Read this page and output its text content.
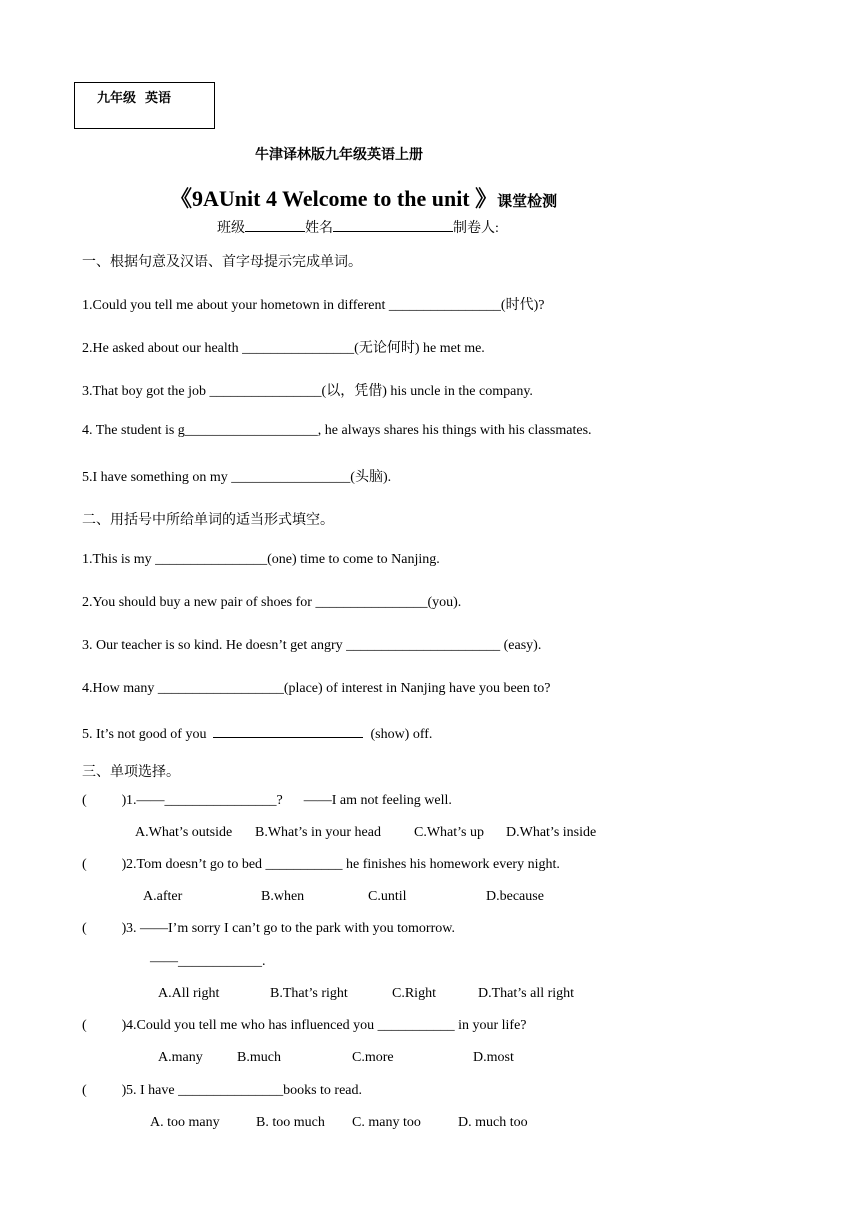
九年级  英语
牛津译林版九年级英语上册
《9AUnit 4 Welcome to the unit 》课堂检测
班级	姓名	制卷人:
一、根据句意及汉语、首字母提示完成单词。
1.Could you tell me about your hometown in different ________________(时代)?
2.He asked about our health ________________(无论何时) he met me.
3.That boy got the job ________________(以，凭借) his uncle in the company.
4. The student is g___________________, he always shares his things with his classmates.
5.I have something on my _________________(头脑).
二、用括号中所给单词的适当形式填空。
1.This is my ________________(one) time to come to Nanjing.
2.You should buy a new pair of shoes for ________________(you).
3. Our teacher is so kind. He doesn’t get angry ______________________ (easy).
4.How many __________________(place) of interest in Nanjing have you been to?
5. It’s not good of you	(show) off.
三、单项选择。
(          ) 1.——________________?      ——I am not feeling well.
A.What’s outside B.What’s in your head C.What’s up D.What’s inside
(          ) 2.Tom doesn’t go to bed ___________ he finishes his homework every night.
A.after	B.when	C.until	D.because
(          ) 3. ——I’m sorry I can’t go to the park with you tomorrow.
——____________.
A.All right	B.That’s right	C.Right	D.That’s all right
(          ) 4.Could you tell me who has influenced you ___________ in your life?
A.many B.much	C.more	D.most
(          ) 5. I have _______________books to read.
A. too many	B. too much C. many too	D. much too
